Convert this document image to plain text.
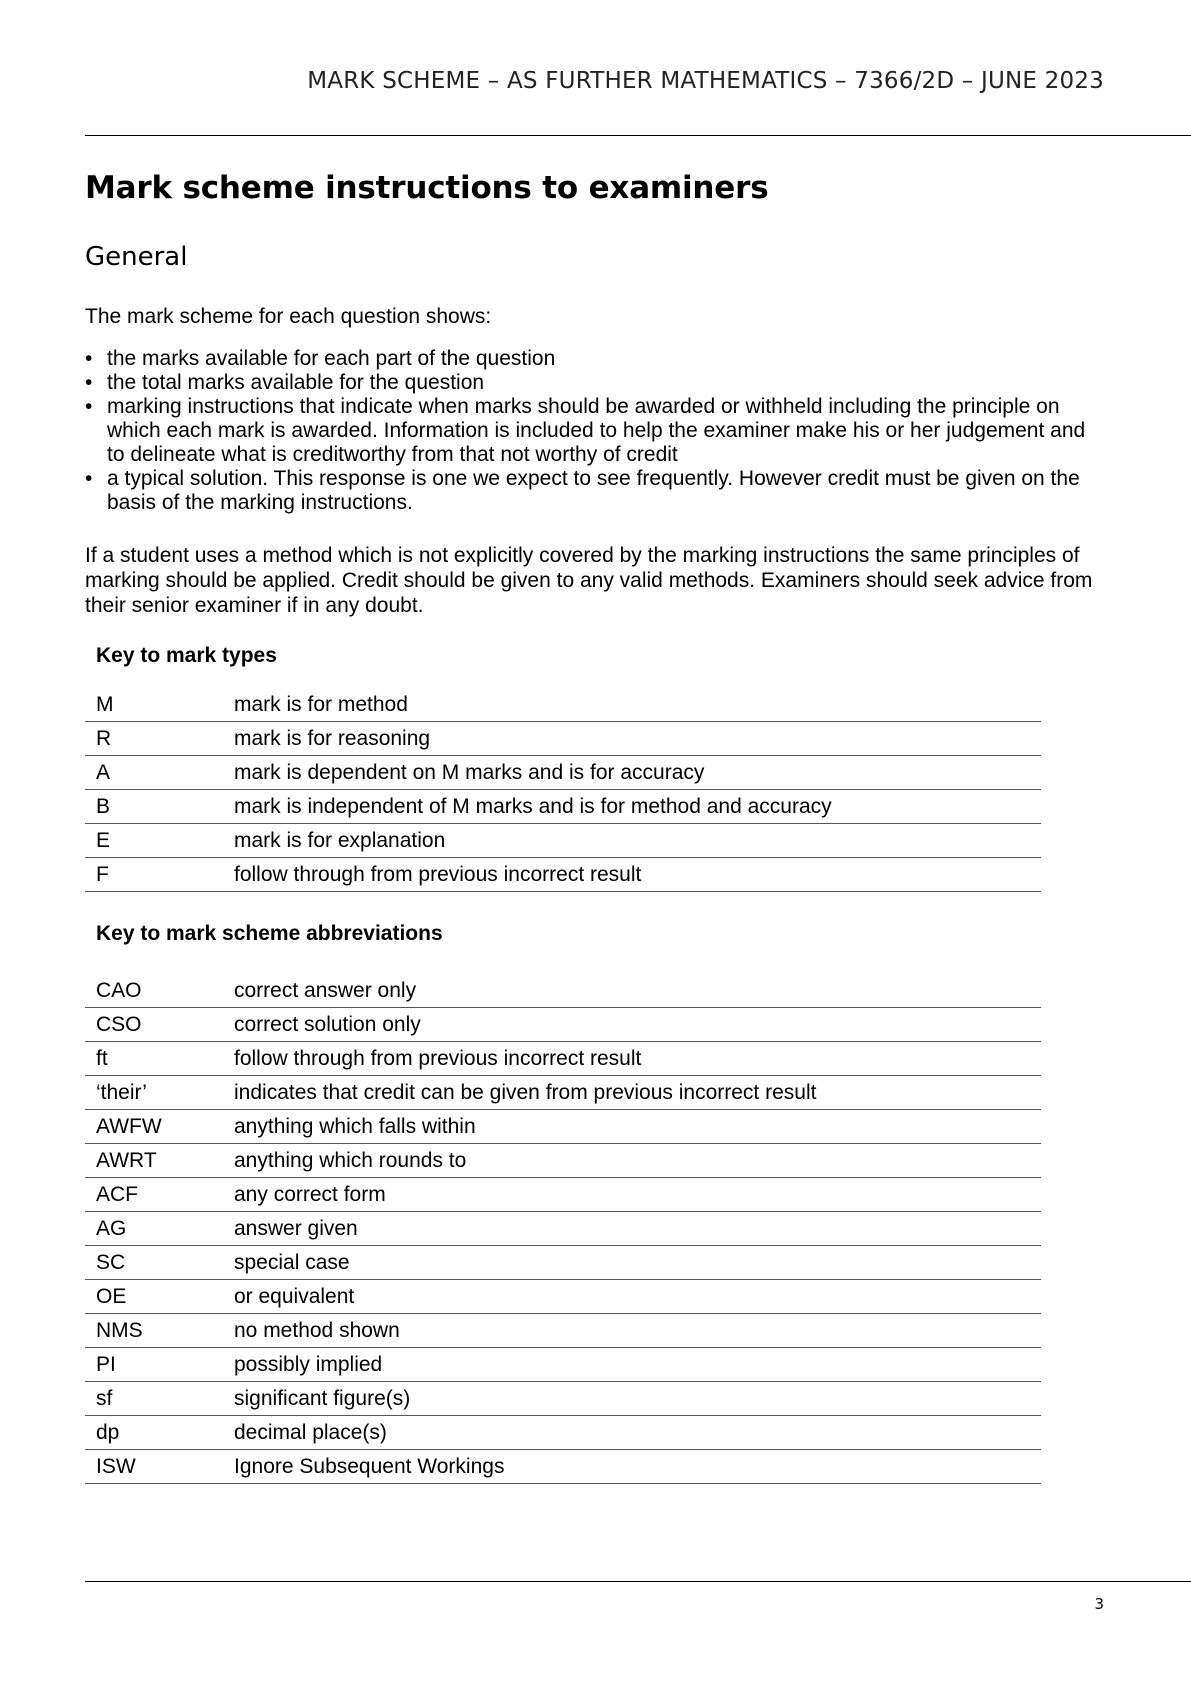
MARK SCHEME – AS FURTHER MATHEMATICS – 7366/2D – JUNE 2023
Mark scheme instructions to examiners
General

The mark scheme for each question shows:

• the marks available for each part of the question
• the total marks available for the question
• marking instructions that indicate when marks should be awarded or withheld including the principle on which each mark is awarded. Information is included to help the examiner make his or her judgement and to delineate what is creditworthy from that not worthy of credit
• a typical solution. This response is one we expect to see frequently. However credit must be given on the basis of the marking instructions.

If a student uses a method which is not explicitly covered by the marking instructions the same principles of marking should be applied. Credit should be given to any valid methods. Examiners should seek advice from their senior examiner if in any doubt.

Key to mark types
M	mark is for method
R	mark is for reasoning
A	mark is dependent on M marks and is for accuracy
B	mark is independent of M marks and is for method and accuracy
E	mark is for explanation
F	follow through from previous incorrect result
Key to mark scheme abbreviations
CAO	correct answer only
CSO	correct solution only
ft	follow through from previous incorrect result
‘their’	indicates that credit can be given from previous incorrect result
AWFW	anything which falls within
AWRT	anything which rounds to
ACF	any correct form
AG	answer given
SC	special case
OE	or equivalent
NMS	no method shown
PI	possibly implied
sf	significant figure(s)
dp	decimal place(s)
ISW	Ignore Subsequent Workings
3
